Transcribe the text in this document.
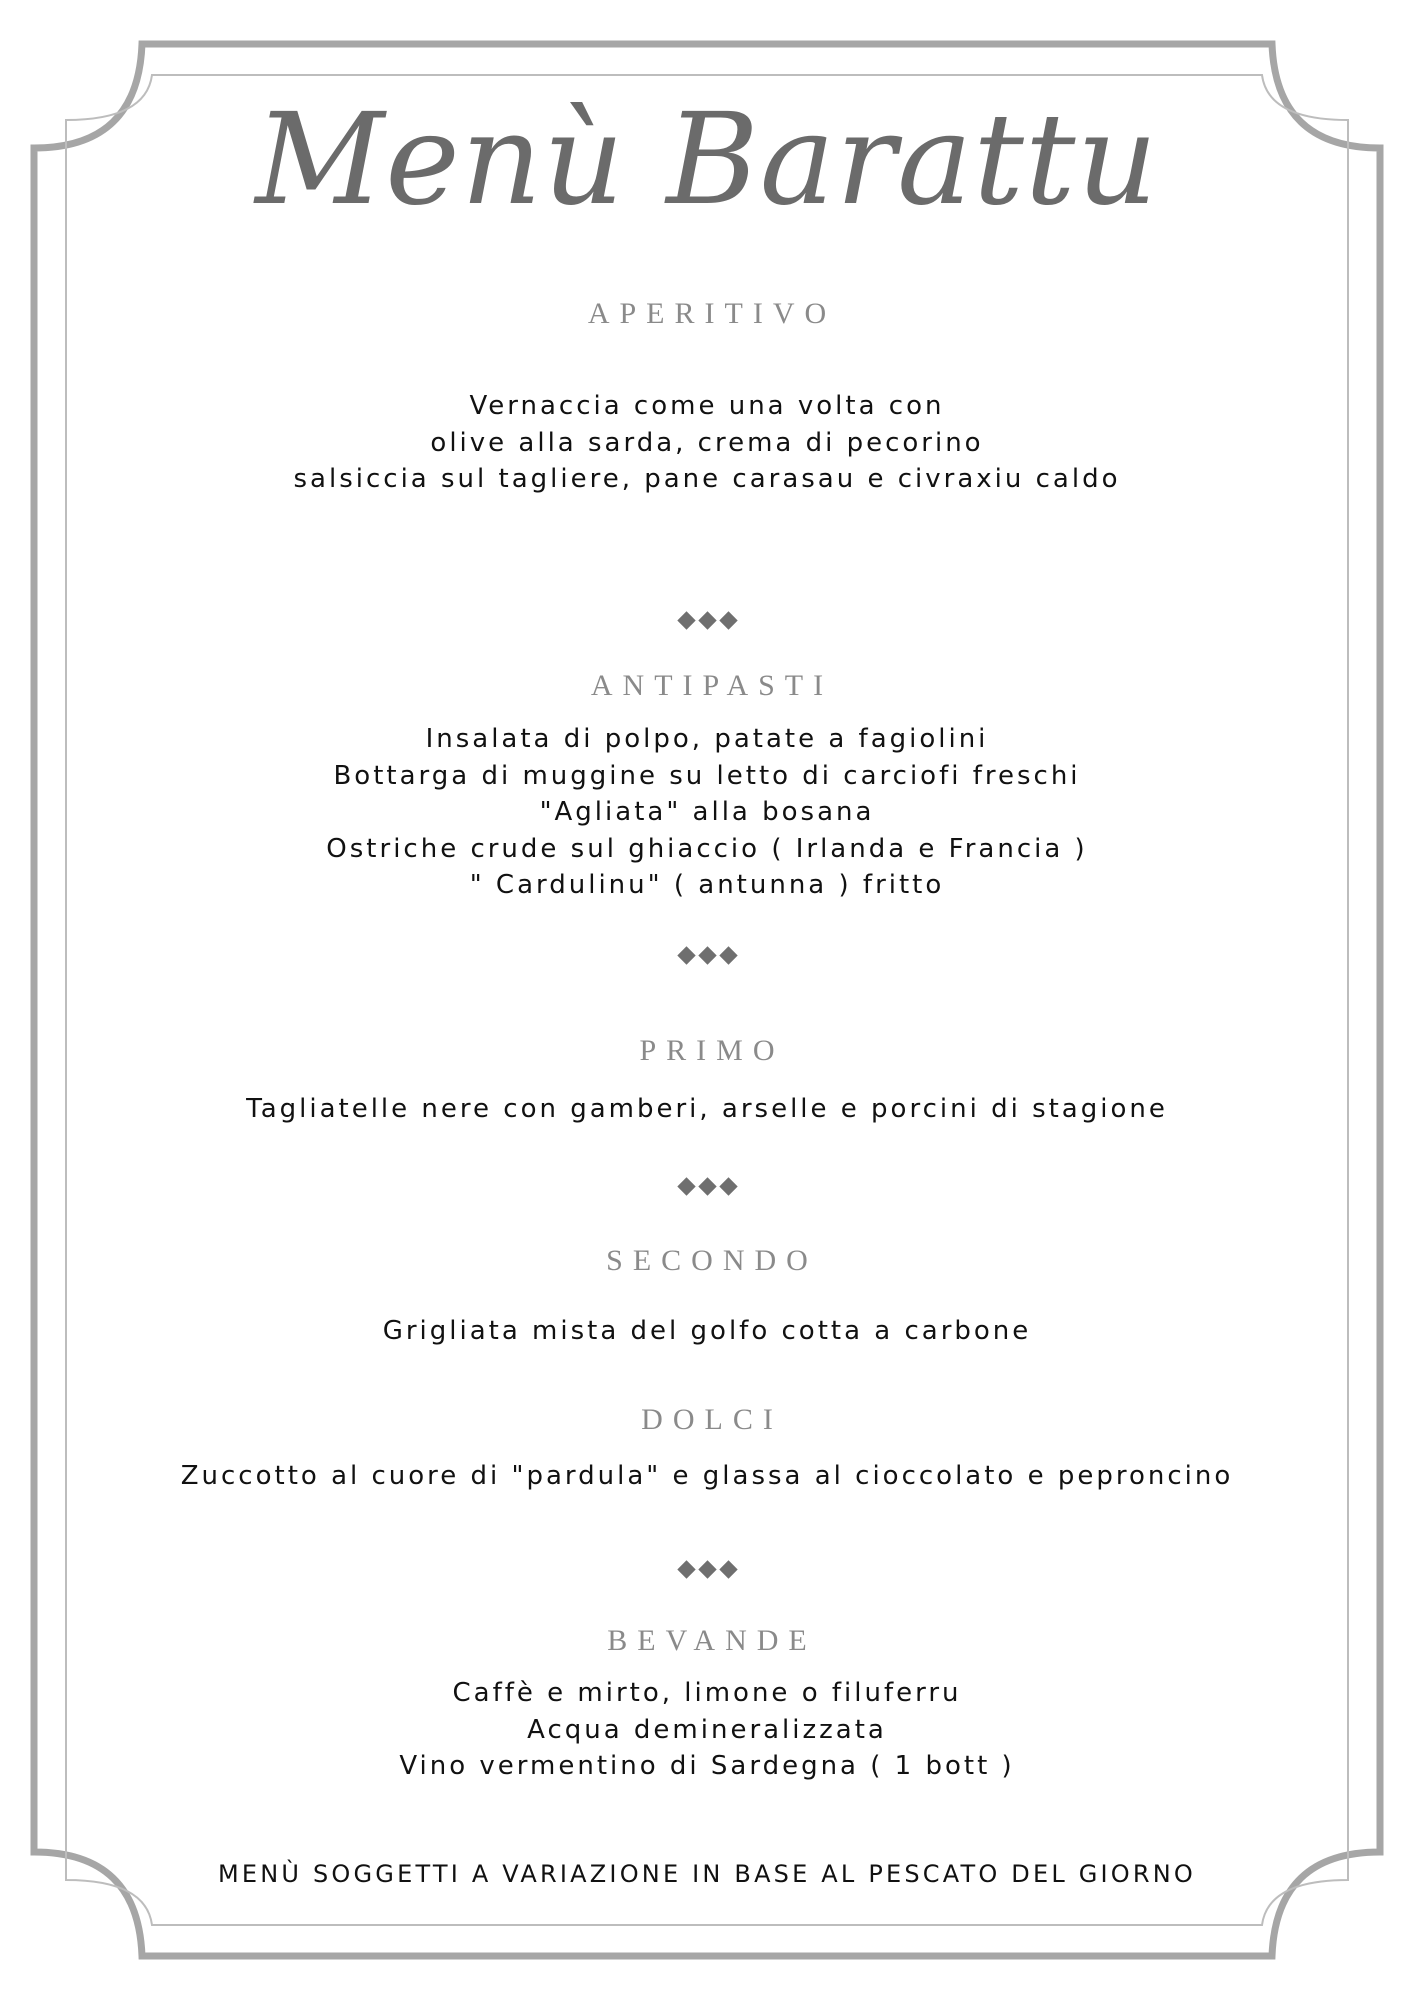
Menù Barattu
APERITIVO
Vernaccia come una volta con
olive alla sarda, crema di pecorino
salsiccia sul tagliere, pane carasau e civraxiu caldo
ANTIPASTI
Insalata di polpo, patate a fagiolini
Bottarga di muggine su letto di carciofi freschi
"Agliata" alla bosana
Ostriche crude sul ghiaccio ( Irlanda e Francia )
" Cardulinu" ( antunna ) fritto
PRIMO
Tagliatelle nere con gamberi, arselle e porcini di stagione
SECONDO
Grigliata mista del golfo cotta a carbone
DOLCI
Zuccotto al cuore di "pardula" e glassa al cioccolato e peproncino
BEVANDE
Caffè e mirto, limone o filuferru
Acqua demineralizzata
Vino vermentino di Sardegna ( 1 bott )
MENÙ SOGGETTI A VARIAZIONE IN BASE AL PESCATO DEL GIORNO
